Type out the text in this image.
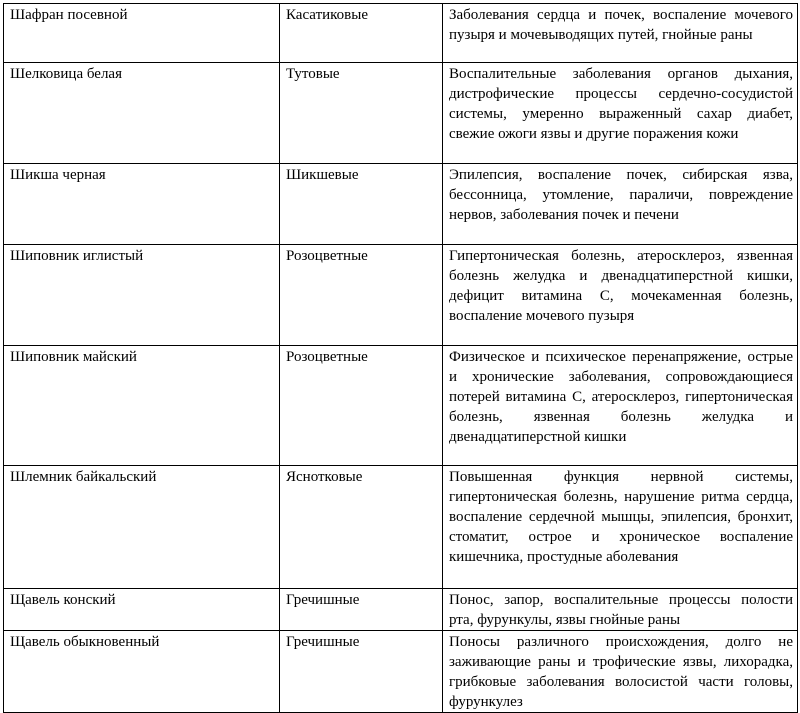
Шафран посевной	Касатиковые	Заболевания сердца и почек, воспаление мочевого пузыря и мочевыводящих путей, гнойные раны
Шелковица белая	Тутовые	Воспалительные заболевания органов дыхания, дистрофические процессы сердечно-сосудистой системы, умеренно выраженный сахар диабет, свежие ожоги язвы и другие поражения кожи
Шикша черная	Шикшевые	Эпилепсия, воспаление почек, сибирская язва, бессонница, утомление, параличи, повреждение нервов, заболевания почек и печени
Шиповник иглистый	Розоцветные	Гипертоническая болезнь, атеросклероз, язвенная болезнь желудка и двенадцатиперстной кишки, дефицит витамина С, мочекаменная болезнь, воспаление мочевого пузыря
Шиповник майский	Розоцветные	Физическое и психическое перенапряжение, острые и хронические заболевания, сопровождающиеся потерей витамина С, атеросклероз, гипертоническая болезнь, язвенная болезнь желудка и двенадцатиперстной кишки
Шлемник байкальский	Яснотковые	Повышенная функция нервной системы, гипертоническая болезнь, нарушение ритма сердца, воспаление сердечной мышцы, эпилепсия, бронхит, стоматит, острое и хроническое воспаление кишечника, простудные аболевания
Щавель конский	Гречишные	Понос, запор, воспалительные процессы полости рта, фурункулы, язвы гнойные раны
Щавель обыкновенный	Гречишные	Поносы различного происхождения, долго не заживающие раны и трофические язвы, лихорадка, грибковые заболевания волосистой части головы, фурункулез
